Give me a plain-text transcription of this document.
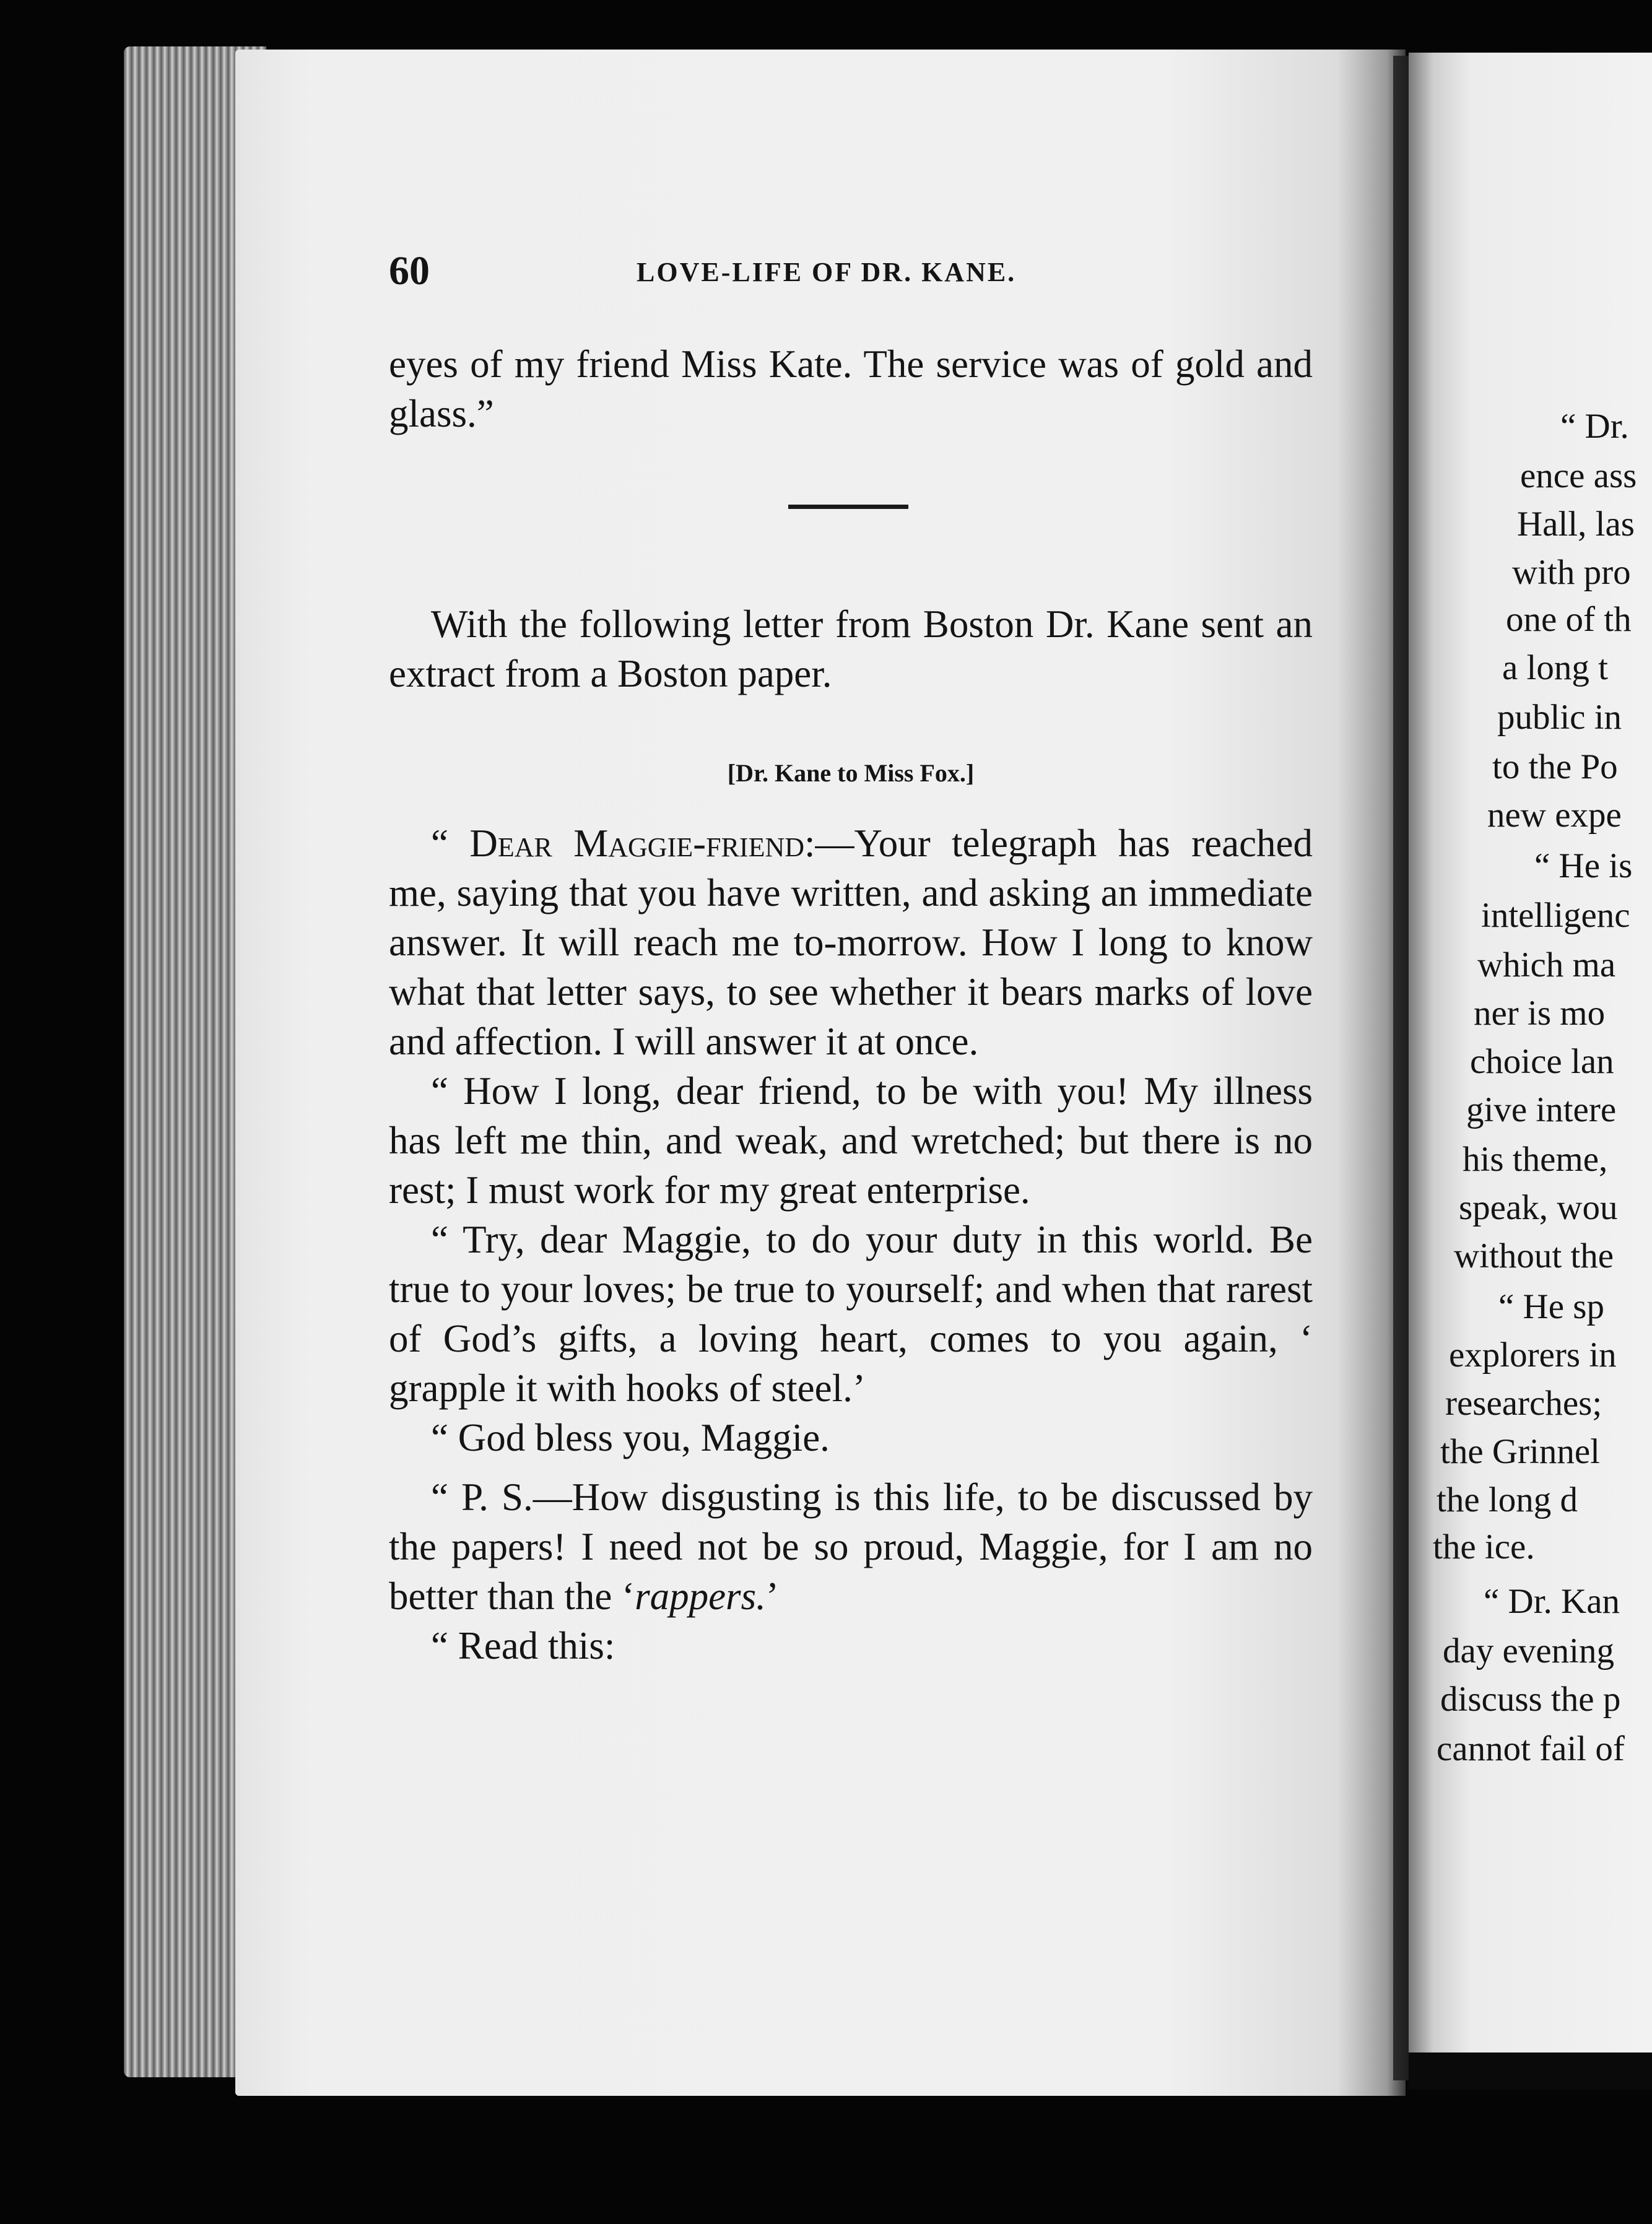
60	LOVE-LIFE OF DR. KANE.

eyes of my friend Miss Kate. The service was of gold and glass.”

With the following letter from Boston Dr. Kane sent an extract from a Boston paper.

[Dr. Kane to Miss Fox.]

“ Dear Maggie-friend:—Your telegraph has reached me, saying that you have written, and asking an immediate answer. It will reach me to-morrow. How I long to know what that letter says, to see whether it bears marks of love and affection. I will answer it at once.

“ How I long, dear friend, to be with you! My illness has left me thin, and weak, and wretched; but there is no rest; I must work for my great enterprise.

“ Try, dear Maggie, to do your duty in this world. Be true to your loves; be true to yourself; and when that rarest of God’s gifts, a loving heart, comes to you again, ‘ grapple it with hooks of steel.’

“ God bless you, Maggie.

“ P. S.—How disgusting is this life, to be discussed by the papers! I need not be so proud, Maggie, for I am no better than the ‘rappers.’

“ Read this:

“ Dr.
ence ass
Hall, las
with pro
one of th
a long t
public in
to the Po
new expe
“ He is
intelligenc
which ma
ner is mo
choice lan
give intere
his theme,
speak, wou
without the
“ He sp
explorers in
researches;
the Grinnel
the long d
the ice.
“ Dr. Kan
day evening
discuss the p
cannot fail of
